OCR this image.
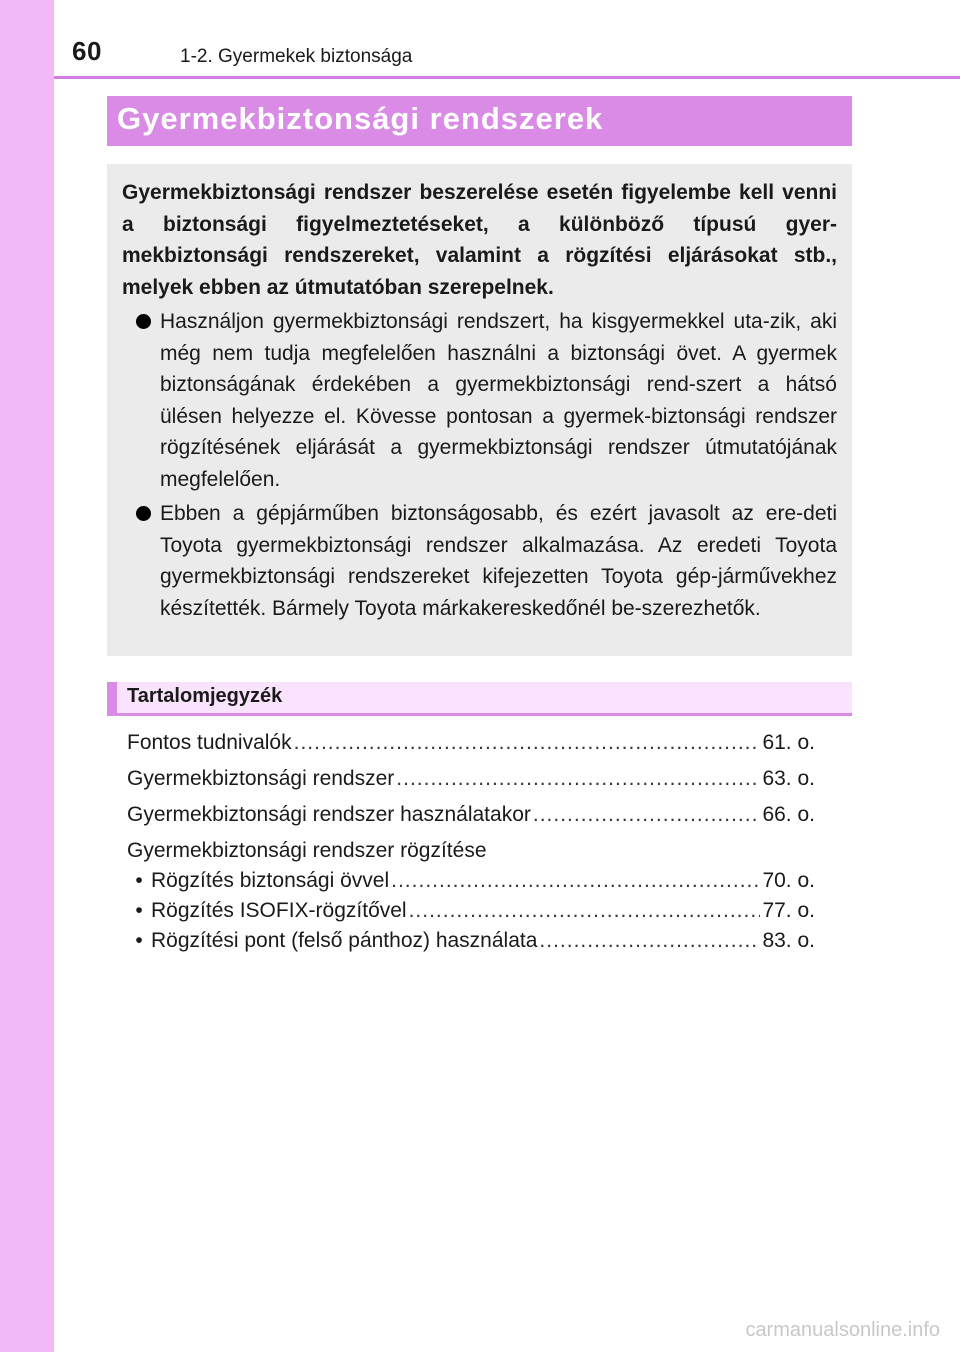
60	1-2. Gyermekek biztonsága
Gyermekbiztonsági rendszerek

Gyermekbiztonsági rendszer beszerelése esetén figyelembe kell venni a biztonsági figyelmeztetéseket, a különböző típusú gyer-mekbiztonsági rendszereket, valamint a rögzítési eljárásokat stb., melyek ebben az útmutatóban szerepelnek.

Használjon gyermekbiztonsági rendszert, ha kisgyermekkel uta-zik, aki még nem tudja megfelelően használni a biztonsági övet. A gyermek biztonságának érdekében a gyermekbiztonsági rend-szert a hátsó ülésen helyezze el. Kövesse pontosan a gyermek-biztonsági rendszer rögzítésének eljárását a gyermekbiztonsági rendszer útmutatójának megfelelően.
Ebben a gépjárműben biztonságosabb, és ezért javasolt az ere-deti Toyota gyermekbiztonsági rendszer alkalmazása. Az eredeti Toyota gyermekbiztonsági rendszereket kifejezetten Toyota gép-járművekhez készítették. Bármely Toyota márkakereskedőnél be-szerezhetők.
Tartalomjegyzék
Fontos tudnivalók .....	61. o.
Gyermekbiztonsági rendszer .....	63. o.
Gyermekbiztonsági rendszer használatakor .....	66. o.
Gyermekbiztonsági rendszer rögzítése
• Rögzítés biztonsági övvel .....	70. o.
• Rögzítés ISOFIX-rögzítővel .....	77. o.
• Rögzítési pont (felső pánthoz) használata .....	83. o.
carmanualsonline.info
